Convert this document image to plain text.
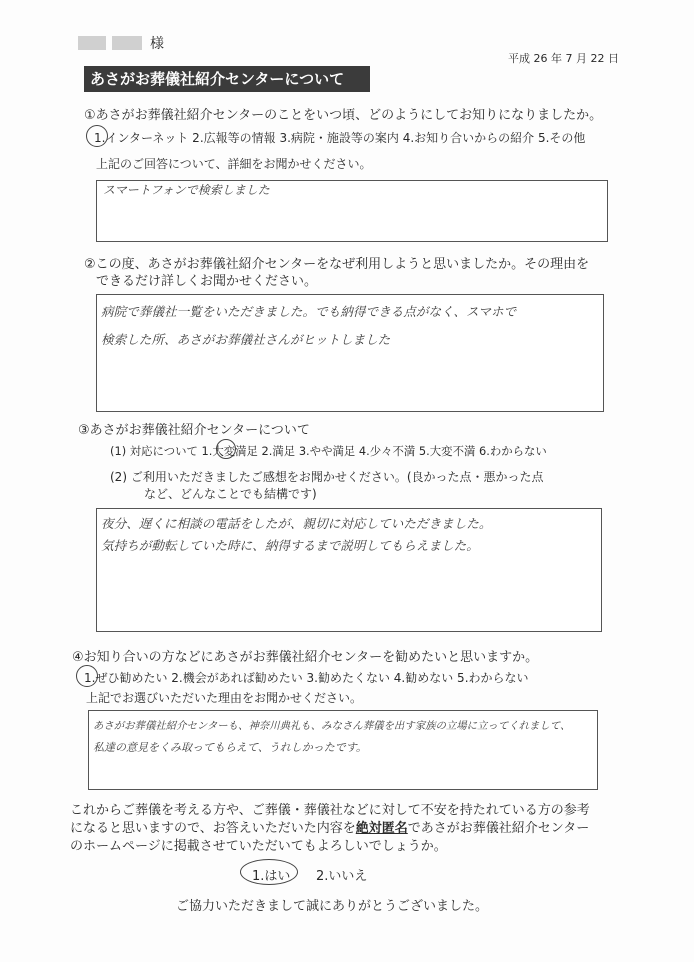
様
平成 26 年 7 月 22 日
あさがお葬儀社紹介センターについて
①あさがお葬儀社紹介センターのことをいつ頃、どのようにしてお知りになりましたか。
1.インターネット 2.広報等の情報 3.病院・施設等の案内 4.お知り合いからの紹介 5.その他
上記のご回答について、詳細をお聞かせください。
スマートフォンで検索しました
②この度、あさがお葬儀社紹介センターをなぜ利用しようと思いましたか。その理由を
できるだけ詳しくお聞かせください。
病院で葬儀社一覧をいただきました。でも納得できる点がなく、スマホで
検索した所、あさがお葬儀社さんがヒットしました
③あさがお葬儀社紹介センターについて
(1) 対応について 1.大変満足 2.満足 3.やや満足 4.少々不満 5.大変不満 6.わからない
(2) ご利用いただきましたご感想をお聞かせください。(良かった点・悪かった点
など、どんなことでも結構です)
夜分、遅くに相談の電話をしたが、親切に対応していただきました。
気持ちが動転していた時に、納得するまで説明してもらえました。
④お知り合いの方などにあさがお葬儀社紹介センターを勧めたいと思いますか。
1.ぜひ勧めたい 2.機会があれば勧めたい 3.勧めたくない 4.勧めない 5.わからない
上記でお選びいただいた理由をお聞かせください。
あさがお葬儀社紹介センターも、神奈川典礼も、みなさん葬儀を出す家族の立場に立ってくれまして、
私達の意見をくみ取ってもらえて、うれしかったです。
これからご葬儀を考える方や、ご葬儀・葬儀社などに対して不安を持たれている方の参考
になると思いますので、お答えいただいた内容を絶対匿名であさがお葬儀社紹介センター
のホームページに掲載させていただいてもよろしいでしょうか。
1.はい 2.いいえ
ご協力いただきまして誠にありがとうございました。
